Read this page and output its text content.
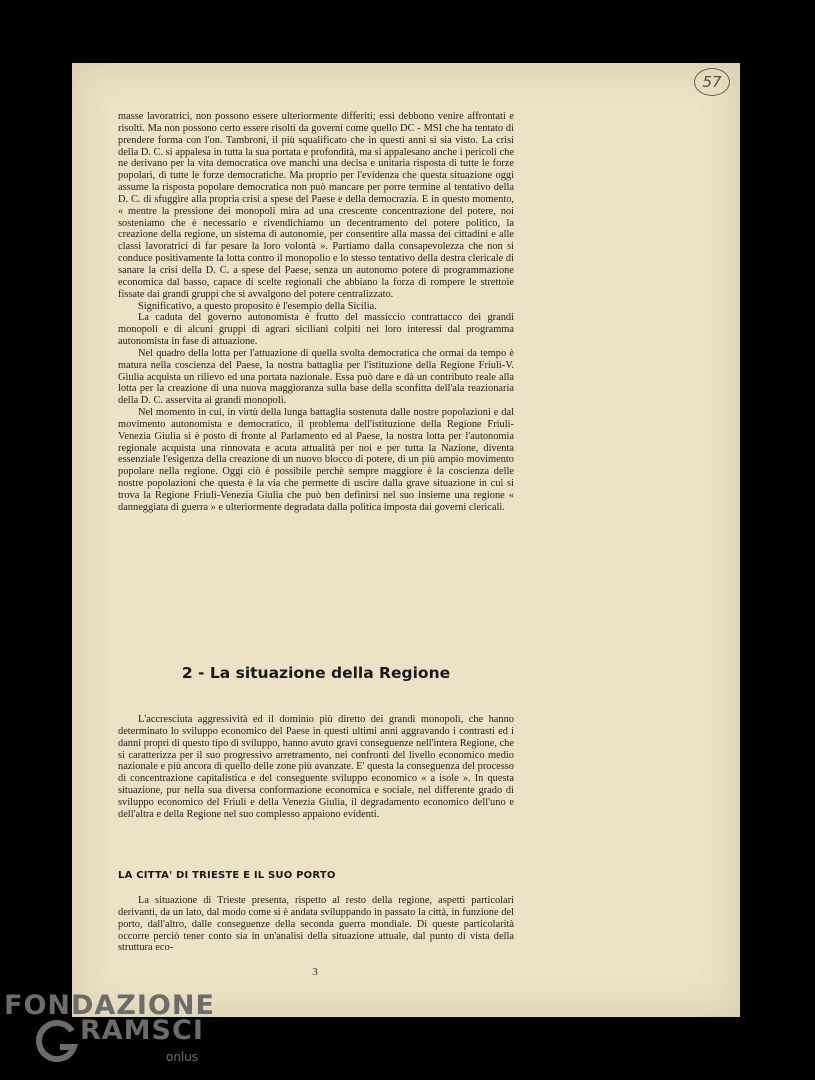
57

masse lavoratrici, non possono essere ulteriormente differiti; essi debbono venire affrontati e risolti. Ma non possono certo essere risolti da governi come quello DC - MSI che ha tentato di prendere forma con l'on. Tambroni, il più squalificato che in questi anni si sia visto. La crisi della D. C. si appalesa in tutta la sua portata e profondità, ma si appalesano anche i pericoli che ne derivano per la vita democratica ove manchi una decisa e unitaria risposta di tutte le forze popolari, di tutte le forze democratiche. Ma proprio per l'evidenza che questa situazione oggi assume la risposta popolare democratica non può mancare per porre termine al tentativo della D. C. di sfuggire alla propria crisi a spese del Paese e della democrazia. E in questo momento, « mentre la pressione dei monopoli mira ad una crescente concentrazione del potere, noi sosteniamo che è necessario e rivendichiamo un decentramento del potere politico, la creazione della regione, un sistema di autonomie, per consentire alla massa dei cittadini e alle classi lavoratrici di far pesare la loro volontà ». Partiamo dalla consapevolezza che non si conduce positivamente la lotta contro il monopolio e lo stesso tentativo della destra clericale di sanare la crisi della D. C. a spese del Paese, senza un autonomo potere di programmazione economica dal basso, capace di scelte regionali che abbiano la forza di rompere le strettoie fissate dai grandi gruppi che si avvalgono del potere centralizzato.

Significativo, a questo proposito è l'esempio della Sicilia.

La caduta del governo autonomista è frutto del massiccio contrattacco dei grandi monopoli e di alcuni gruppi di agrari siciliani colpiti nei loro interessi dal programma autonomista in fase di attuazione.

Nel quadro della lotta per l'attuazione di quella svolta democratica che ormai da tempo è matura nella coscienza del Paese, la nostra battaglia per l'istituzione della Regione Friuli-V. Giulia acquista un rilievo ed una portata nazionale. Essa può dare e dà un contributo reale alla lotta per la creazione di una nuova maggioranza sulla base della sconfitta dell'ala reazionaria della D. C. asservita ai grandi monopoli.

Nel momento in cui, in virtù della lunga battaglia sostenuta dalle nostre popolazioni e dal movimento autonomista e democratico, il problema dell'istituzione della Regione Friuli-Venezia Giulia si è posto di fronte al Parlamento ed al Paese, la nostra lotta per l'autonomia regionale acquista una rinnovata e acuta attualità per noi e per tutta la Nazione, diventa essenziale l'esigenza della creazione di un nuovo blocco di potere, di un più ampio movimento popolare nella regione. Oggi ciò è possibile perchè sempre maggiore è la coscienza delle nostre popolazioni che questa è la via che permette di uscire dalla grave situazione in cui si trova la Regione Friuli-Venezia Giulia che può ben definirsi nel suo insieme una regione « danneggiata di guerra » e ulteriormente degradata dalla politica imposta dai governi clericali.

2 - La situazione della Regione

L'accresciuta aggressività ed il dominio più diretto dei grandi monopoli, che hanno determinato lo sviluppo economico del Paese in questi ultimi anni aggravando i contrasti ed i danni propri di questo tipo di sviluppo, hanno avuto gravi conseguenze nell'intera Regione, che si caratterizza per il suo progressivo arretramento, nei confronti del livello economico medio nazionale e più ancora di quello delle zone più avanzate. E' questa la conseguenza del processo di concentrazione capitalistica e del conseguente sviluppo economico « a isole ». In questa situazione, pur nella sua diversa conformazione economica e sociale, nel differente grado di sviluppo economico del Friuli e della Venezia Giulia, il degradamento economico dell'uno e dell'altra e della Regione nel suo complesso appaiono evidenti.

LA CITTA' DI TRIESTE E IL SUO PORTO

La situazione di Trieste presenta, rispetto al resto della regione, aspetti particolari derivanti, da un lato, dal modo come si è andata sviluppando in passato la città, in funzione del porto, dall'altro, dalle conseguenze della seconda guerra mondiale. Di queste particolarità occorre perciò tener conto sia in un'analisi della situazione attuale, dal punto di vista della struttura eco-

3
FONDAZIONE
RAMSCI
onlus
